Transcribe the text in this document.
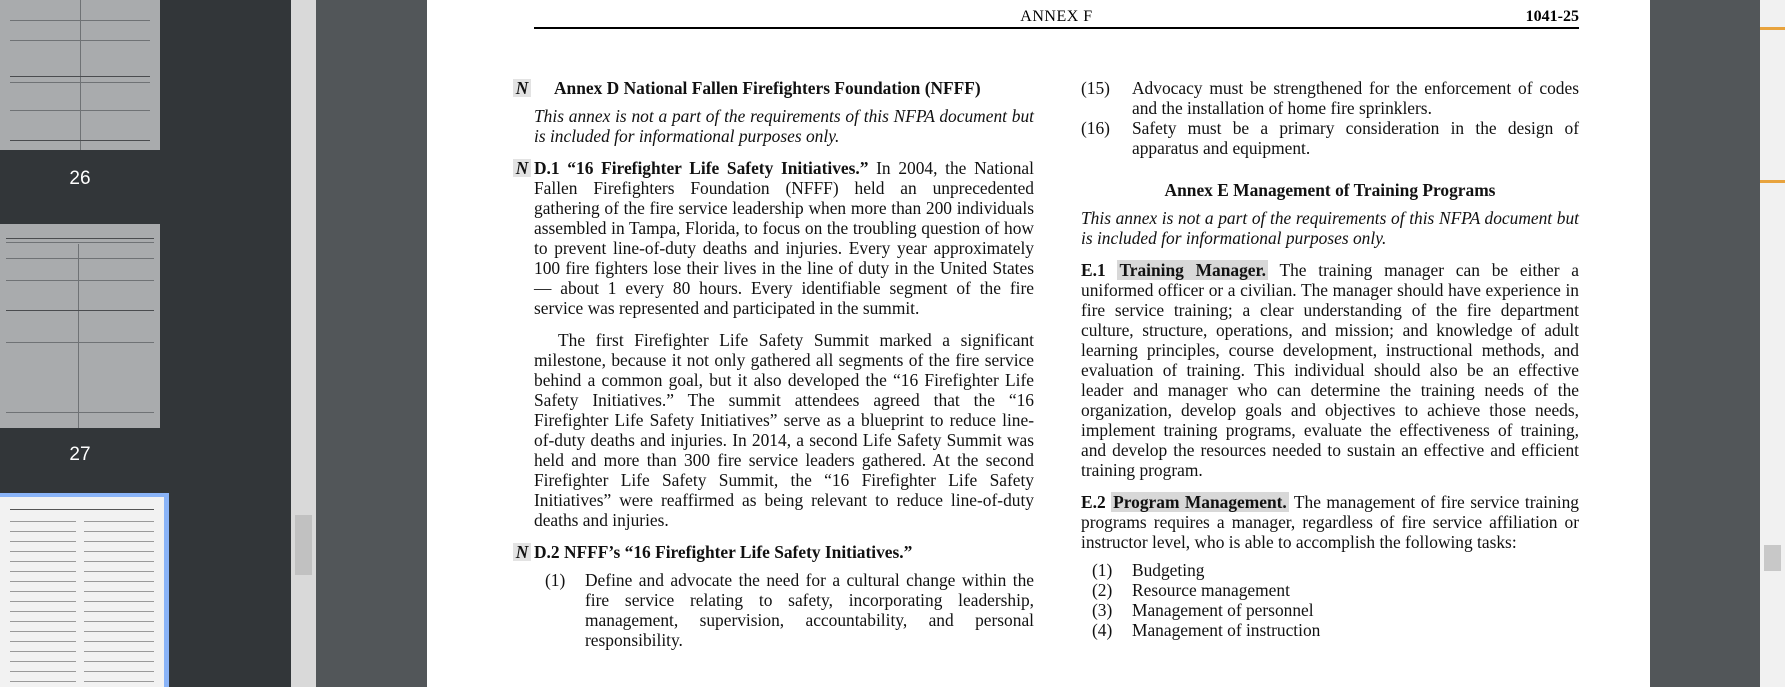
26
27
ANNEX F	1041-25
N Annex D National Fallen Firefighters Foundation (NFFF)
This annex is not a part of the requirements of this NFPA document but is included for informational purposes only.
N D.1 “16 Firefighter Life Safety Initiatives.” In 2004, the National Fallen Firefighters Foundation (NFFF) held an unprecedented gathering of the fire service leadership when more than 200 individuals assembled in Tampa, Florida, to focus on the troubling question of how to prevent line-of-duty deaths and injuries. Every year approximately 100 fire fighters lose their lives in the line of duty in the United States — about 1 every 80 hours. Every identifiable segment of the fire service was represented and participated in the summit.
The first Firefighter Life Safety Summit marked a significant milestone, because it not only gathered all segments of the fire service behind a common goal, but it also developed the “16 Firefighter Life Safety Initiatives.” The summit attendees agreed that the “16 Firefighter Life Safety Initiatives” serve as a blueprint to reduce line-of-duty deaths and injuries. In 2014, a second Life Safety Summit was held and more than 300 fire service leaders gathered. At the second Firefighter Life Safety Summit, the “16 Firefighter Life Safety Initiatives” were reaffirmed as being relevant to reduce line-of-duty deaths and injuries.
N D.2 NFFF’s “16 Firefighter Life Safety Initiatives.”
(1) Define and advocate the need for a cultural change within the fire service relating to safety, incorporating leadership, management, supervision, accountability, and personal responsibility.
(15) Advocacy must be strengthened for the enforcement of codes and the installation of home fire sprinklers.
(16) Safety must be a primary consideration in the design of apparatus and equipment.
Annex E Management of Training Programs
This annex is not a part of the requirements of this NFPA document but is included for informational purposes only.
E.1 Training Manager. The training manager can be either a uniformed officer or a civilian. The manager should have experience in fire service training; a clear understanding of the fire department culture, structure, operations, and mission; and knowledge of adult learning principles, course development, instructional methods, and evaluation of training. This individual should also be an effective leader and manager who can determine the training needs of the organization, develop goals and objectives to achieve those needs, implement training programs, evaluate the effectiveness of training, and develop the resources needed to sustain an effective and efficient training program.
E.2 Program Management. The management of fire service training programs requires a manager, regardless of fire service affiliation or instructor level, who is able to accomplish the following tasks:
(1) Budgeting
(2) Resource management
(3) Management of personnel
(4) Management of instruction
